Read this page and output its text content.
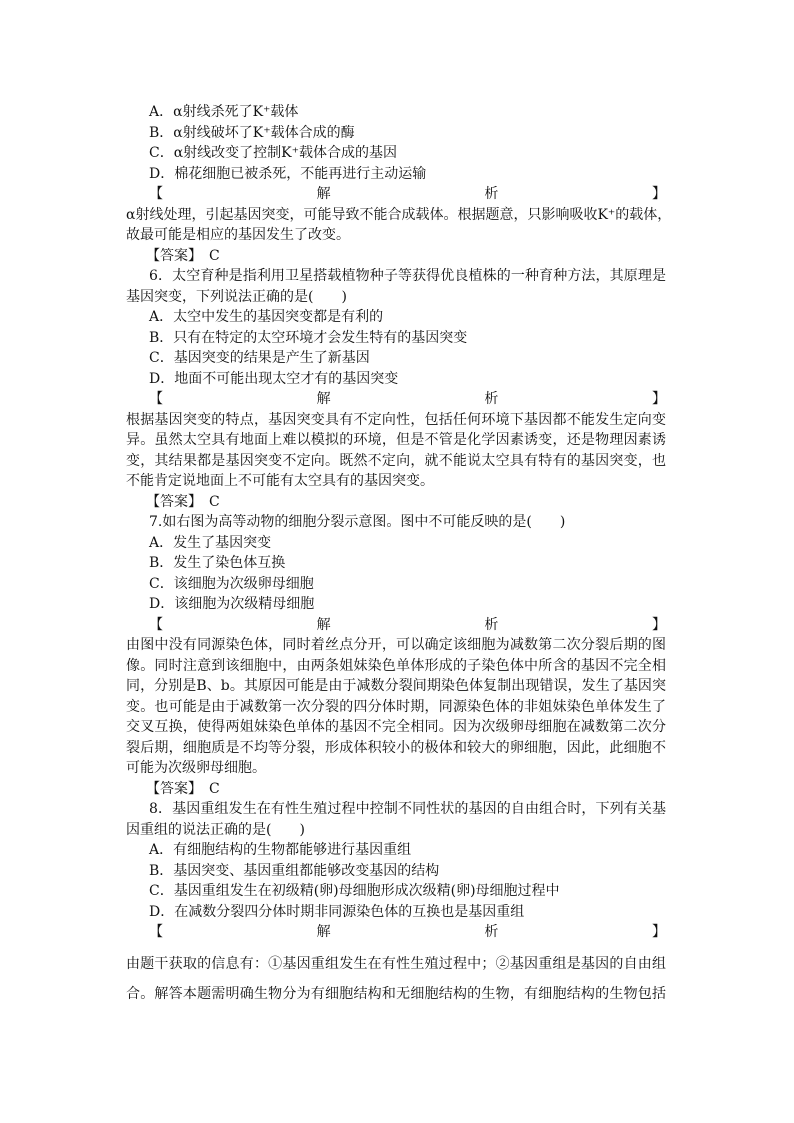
A．α射线杀死了K⁺载体
B．α射线破坏了K⁺载体合成的酶
C．α射线改变了控制K⁺载体合成的基因
D．棉花细胞已被杀死，不能再进行主动运输
【	解	析	】
α射线处理，引起基因突变，可能导致不能合成载体。根据题意，只影响吸收K⁺的载体，
故最可能是相应的基因发生了改变。
【答案】　C
6．太空育种是指利用卫星搭载植物种子等获得优良植株的一种育种方法，其原理是
基因突变，下列说法正确的是(　　)
A．太空中发生的基因突变都是有利的
B．只有在特定的太空环境才会发生特有的基因突变
C．基因突变的结果是产生了新基因
D．地面不可能出现太空才有的基因突变
【	解	析	】
根据基因突变的特点，基因突变具有不定向性，包括任何环境下基因都不能发生定向变
异。虽然太空具有地面上难以模拟的环境，但是不管是化学因素诱变，还是物理因素诱
变，其结果都是基因突变不定向。既然不定向，就不能说太空具有特有的基因突变，也
不能肯定说地面上不可能有太空具有的基因突变。
【答案】　C
7.如右图为高等动物的细胞分裂示意图。图中不可能反映的是(　　)
A．发生了基因突变
B．发生了染色体互换
C．该细胞为次级卵母细胞
D．该细胞为次级精母细胞
【	解	析	】
由图中没有同源染色体，同时着丝点分开，可以确定该细胞为减数第二次分裂后期的图
像。同时注意到该细胞中，由两条姐妹染色单体形成的子染色体中所含的基因不完全相
同，分别是B、b。其原因可能是由于减数分裂间期染色体复制出现错误，发生了基因突
变。也可能是由于减数第一次分裂的四分体时期，同源染色体的非姐妹染色单体发生了
交叉互换，使得两姐妹染色单体的基因不完全相同。因为次级卵母细胞在减数第二次分
裂后期，细胞质是不均等分裂，形成体积较小的极体和较大的卵细胞，因此，此细胞不
可能为次级卵母细胞。
【答案】　C
8．基因重组发生在有性生殖过程中控制不同性状的基因的自由组合时，下列有关基
因重组的说法正确的是(　　)
A．有细胞结构的生物都能够进行基因重组
B．基因突变、基因重组都能够改变基因的结构
C．基因重组发生在初级精(卵)母细胞形成次级精(卵)母细胞过程中
D．在减数分裂四分体时期非同源染色体的互换也是基因重组
【	解	析	】
由题干获取的信息有：①基因重组发生在有性生殖过程中；②基因重组是基因的自由组
合。解答本题需明确生物分为有细胞结构和无细胞结构的生物，有细胞结构的生物包括
